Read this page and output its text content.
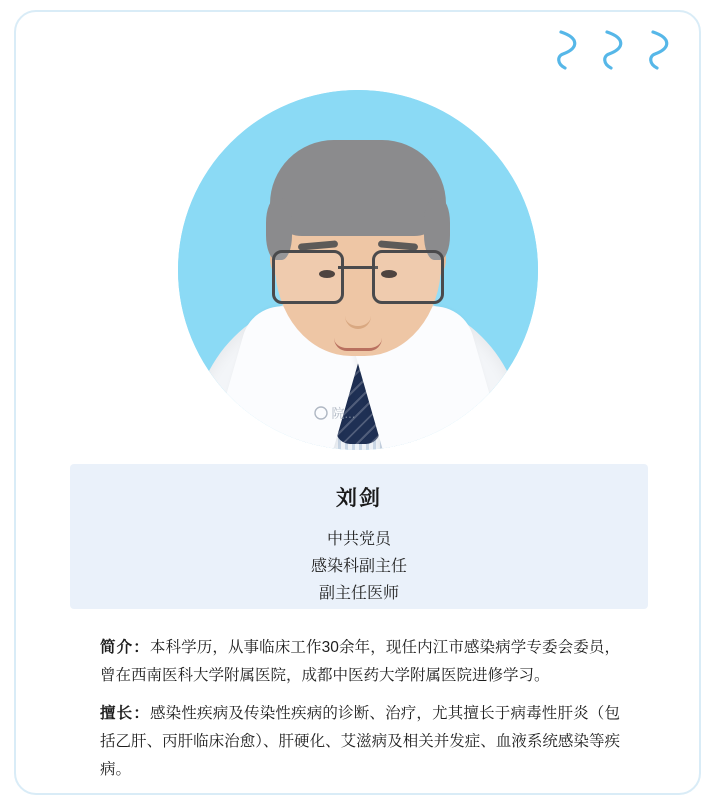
院...

刘剑

中共党员

感染科副主任

副主任医师

简介：本科学历，从事临床工作30余年，现任内江市感染病学专委会委员，曾在西南医科大学附属医院，成都中医药大学附属医院进修学习。

擅长：感染性疾病及传染性疾病的诊断、治疗，尤其擅长于病毒性肝炎（包括乙肝、丙肝临床治愈）、肝硬化、艾滋病及相关并发症、血液系统感染等疾病。
